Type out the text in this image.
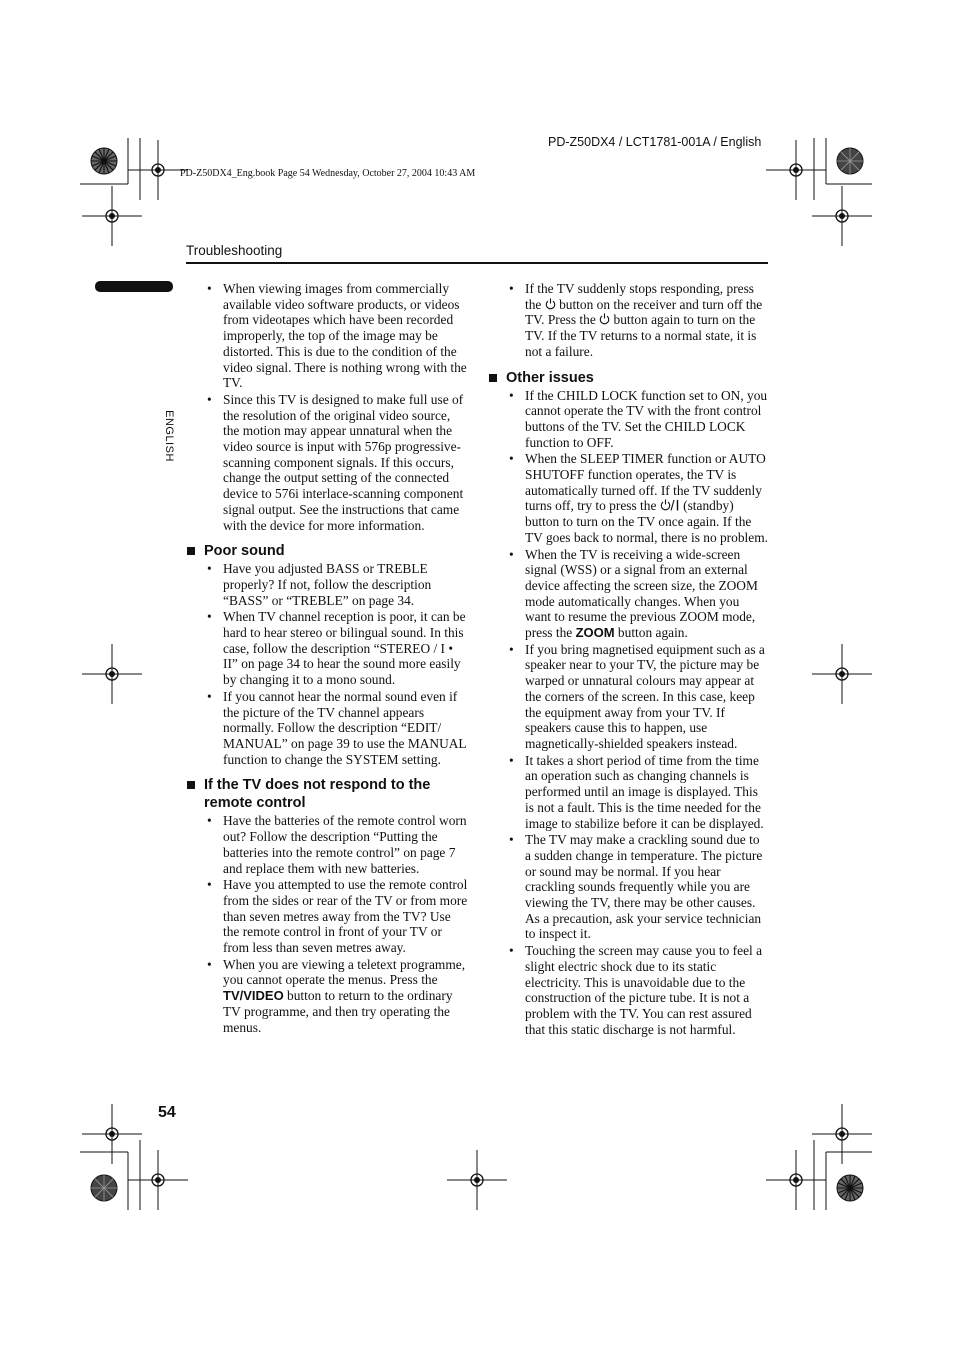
PD-Z50DX4 / LCT1781-001A / English
PD-Z50DX4_Eng.book Page 54 Wednesday, October 27, 2004 10:43 AM
Troubleshooting
ENGLISH
54
• When viewing images from commercially available video software products, or videos from videotapes which have been recorded improperly, the top of the image may be distorted. This is due to the condition of the video signal. There is nothing wrong with the TV.
• Since this TV is designed to make full use of the resolution of the original video source, the motion may appear unnatural when the video source is input with 576p progressive-scanning component signals. If this occurs, change the output setting of the connected device to 576i interlace-scanning component signal output. See the instructions that came with the device for more information.
Poor sound
• Have you adjusted BASS or TREBLE properly? If not, follow the description “BASS” or “TREBLE” on page 34.
• When TV channel reception is poor, it can be hard to hear stereo or bilingual sound. In this case, follow the description “STEREO / I • II” on page 34 to hear the sound more easily by changing it to a mono sound.
• If you cannot hear the normal sound even if the picture of the TV channel appears normally. Follow the description “EDIT/ MANUAL” on page 39 to use the MANUAL function to change the SYSTEM setting.
If the TV does not respond to the remote control
• Have the batteries of the remote control worn out? Follow the description “Putting the batteries into the remote control” on page 7 and replace them with new batteries.
• Have you attempted to use the remote control from the sides or rear of the TV or from more than seven metres away from the TV? Use the remote control in front of your TV or from less than seven metres away.
• When you are viewing a teletext programme, you cannot operate the menus. Press the TV/VIDEO button to return to the ordinary TV programme, and then try operating the menus.
• If the TV suddenly stops responding, press the  button on the receiver and turn off the TV. Press the  button again to turn on the TV. If the TV returns to a normal state, it is not a failure.
Other issues
• If the CHILD LOCK function set to ON, you cannot operate the TV with the front control buttons of the TV. Set the CHILD LOCK function to OFF.
• When the SLEEP TIMER function or AUTO SHUTOFF function operates, the TV is automatically turned off. If the TV suddenly turns off, try to press the  (standby) button to turn on the TV once again. If the TV goes back to normal, there is no problem.
• When the TV is receiving a wide-screen signal (WSS) or a signal from an external device affecting the screen size, the ZOOM mode automatically changes. When you want to resume the previous ZOOM mode, press the ZOOM button again.
• If you bring magnetised equipment such as a speaker near to your TV, the picture may be warped or unnatural colours may appear at the corners of the screen. In this case, keep the equipment away from your TV. If speakers cause this to happen, use magnetically-shielded speakers instead.
• It takes a short period of time from the time an operation such as changing channels is performed until an image is displayed. This is not a fault. This is the time needed for the image to stabilize before it can be displayed.
• The TV may make a crackling sound due to a sudden change in temperature. The picture or sound may be normal. If you hear crackling sounds frequently while you are viewing the TV, there may be other causes. As a precaution, ask your service technician to inspect it.
• Touching the screen may cause you to feel a slight electric shock due to its static electricity. This is unavoidable due to the construction of the picture tube. It is not a problem with the TV. You can rest assured that this static discharge is not harmful.
